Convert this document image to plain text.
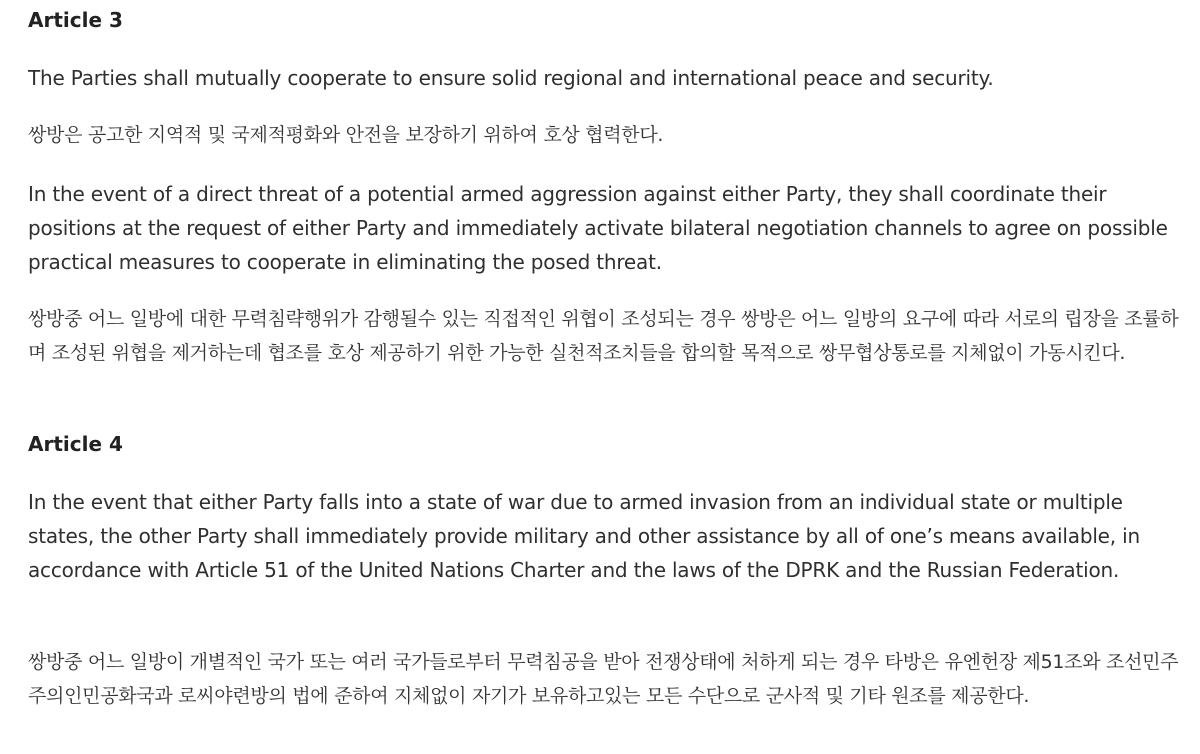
Article 3

The Parties shall mutually cooperate to ensure solid regional and international peace and security.

쌍방은 공고한 지역적 및 국제적평화와 안전을 보장하기 위하여 호상 협력한다.

In the event of a direct threat of a potential armed aggression against either Party, they shall coordinate their positions at the request of either Party and immediately activate bilateral negotiation channels to agree on possible practical measures to cooperate in eliminating the posed threat.

쌍방중 어느 일방에 대한 무력침략행위가 감행될수 있는 직접적인 위협이 조성되는 경우 쌍방은 어느 일방의 요구에 따라 서로의 립장을 조률하며 조성된 위협을 제거하는데 협조를 호상 제공하기 위한 가능한 실천적조치들을 합의할 목적으로 쌍무협상통로를 지체없이 가동시킨다.

Article 4

In the event that either Party falls into a state of war due to armed invasion from an individual state or multiple states, the other Party shall immediately provide military and other assistance by all of one’s means available, in accordance with Article 51 of the United Nations Charter and the laws of the DPRK and the Russian Federation.

쌍방중 어느 일방이 개별적인 국가 또는 여러 국가들로부터 무력침공을 받아 전쟁상태에 처하게 되는 경우 타방은 유엔헌장 제51조와 조선민주주의인민공화국과 로씨야련방의 법에 준하여 지체없이 자기가 보유하고있는 모든 수단으로 군사적 및 기타 원조를 제공한다.
